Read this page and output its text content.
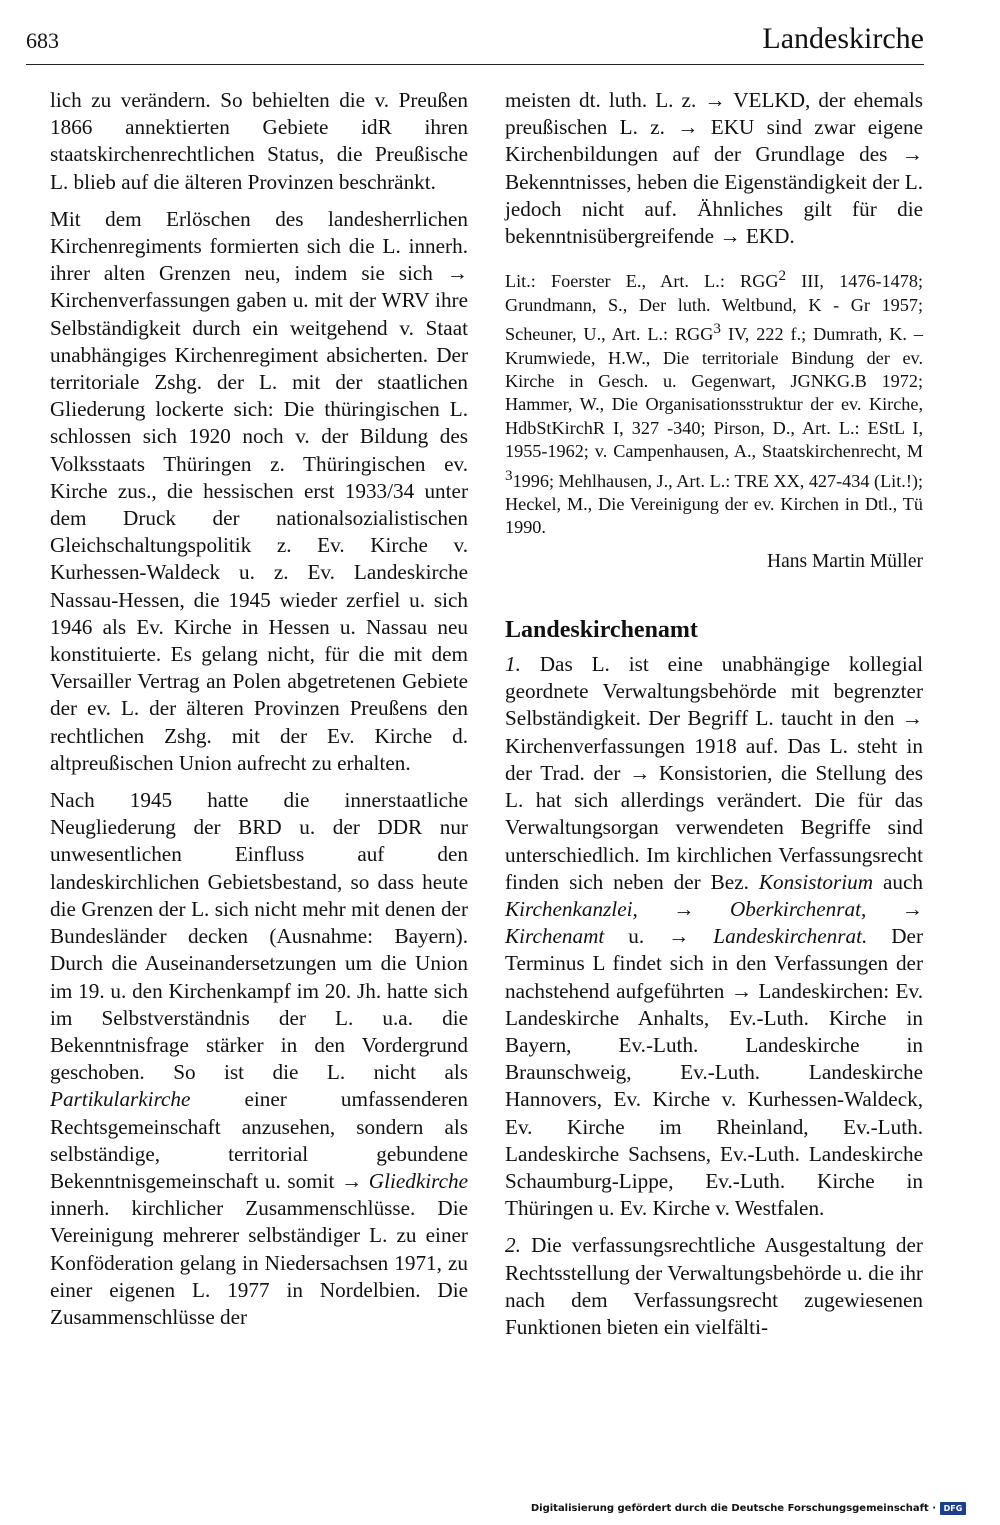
683	Landeskirche

lich zu verändern. So behielten die v. Preußen 1866 annektierten Gebiete idR ihren staatskirchenrechtlichen Status, die Preußische L. blieb auf die älteren Provinzen beschränkt.

Mit dem Erlöschen des landesherrlichen Kirchenregiments formierten sich die L. innerh. ihrer alten Grenzen neu, indem sie sich → Kirchenverfassungen gaben u. mit der WRV ihre Selbständigkeit durch ein weitgehend v. Staat unabhängiges Kirchenregiment absicherten. Der territoriale Zshg. der L. mit der staatlichen Gliederung lockerte sich: Die thüringischen L. schlossen sich 1920 noch v. der Bildung des Volksstaats Thüringen z. Thüringischen ev. Kirche zus., die hessischen erst 1933/34 unter dem Druck der nationalsozialistischen Gleichschaltungspolitik z. Ev. Kirche v. Kurhessen-Waldeck u. z. Ev. Landeskirche Nassau-Hessen, die 1945 wieder zerfiel u. sich 1946 als Ev. Kirche in Hessen u. Nassau neu konstituierte. Es gelang nicht, für die mit dem Versailler Vertrag an Polen abgetretenen Gebiete der ev. L. der älteren Provinzen Preußens den rechtlichen Zshg. mit der Ev. Kirche d. altpreußischen Union aufrecht zu erhalten.

Nach 1945 hatte die innerstaatliche Neugliederung der BRD u. der DDR nur unwesentlichen Einfluss auf den landeskirchlichen Gebietsbestand, so dass heute die Grenzen der L. sich nicht mehr mit denen der Bundesländer decken (Ausnahme: Bayern). Durch die Auseinandersetzungen um die Union im 19. u. den Kirchenkampf im 20. Jh. hatte sich im Selbstverständnis der L. u.a. die Bekenntnisfrage stärker in den Vordergrund geschoben. So ist die L. nicht als Partikularkirche	einer umfassenderen Rechtsgemeinschaft anzusehen, sondern als selbständige, territorial gebundene Bekenntnisgemeinschaft u. somit → Gliedkirche innerh. kirchlicher Zusammenschlüsse. Die Vereinigung mehrerer selbständiger L. zu einer Konföderation gelang in Niedersachsen 1971, zu einer eigenen L. 1977 in Nordelbien. Die Zusammenschlüsse der

meisten dt. luth. L. z. → VELKD, der ehemals preußischen L. z. → EKU sind zwar eigene Kirchenbildungen auf der Grundlage des → Bekenntnisses, heben die Eigenständigkeit der L. jedoch nicht auf. Ähnliches gilt für die bekenntnisübergreifende → EKD.

Lit.: Foerster E., Art. L.: RGG$^2$ III, 1476-1478; Grundmann, S., Der luth. Weltbund, K - Gr 1957; Scheuner, U., Art. L.: RGG$^3$ IV, 222 f.; Dumrath, K. – Krumwiede, H.W., Die territoriale Bindung der ev. Kirche in Gesch. u. Gegenwart, JGNKG.B 1972; Hammer, W., Die Organisationsstruktur der ev. Kirche, HdbStKirchR I, 327 -340; Pirson, D., Art. L.: EStL I, 1955-1962; v. Campenhausen, A., Staatskirchenrecht, M $^3$1996; Mehlhausen, J., Art. L.: TRE XX, 427-434 (Lit.!); Heckel, M., Die Vereinigung der ev. Kirchen in Dtl., Tü 1990.

Hans Martin Müller

Landeskirchenamt

1. Das L. ist eine unabhängige kollegial geordnete Verwaltungsbehörde mit begrenzter Selbständigkeit. Der Begriff L. taucht in den → Kirchenverfassungen 1918 auf. Das L. steht in der Trad. der → Konsistorien, die Stellung des L. hat sich allerdings verändert. Die für das Verwaltungsorgan verwendeten Begriffe sind unterschiedlich. Im kirchlichen Verfassungsrecht finden sich neben der Bez. Konsistorium auch Kirchenkanzlei, → Oberkirchenrat, → Kirchenamt u. → Landeskirchenrat. Der Terminus L findet sich in den Verfassungen der nachstehend aufgeführten → Landeskirchen: Ev. Landeskirche Anhalts, Ev.-Luth. Kirche in Bayern, Ev.-Luth. Landeskirche in Braunschweig, Ev.-Luth. Landeskirche Hannovers, Ev. Kirche v. Kurhessen-Waldeck, Ev. Kirche im Rheinland, Ev.-Luth. Landeskirche Sachsens, Ev.-Luth. Landeskirche Schaumburg-Lippe, Ev.-Luth. Kirche in Thüringen u. Ev. Kirche v. Westfalen.

2. Die verfassungsrechtliche Ausgestaltung der Rechtsstellung der Verwaltungsbehörde u. die ihr nach dem Verfassungsrecht zugewiesenen Funktionen bieten ein vielfälti-

Digitalisierung gefördert durch die Deutsche Forschungsgemeinschaft · DFG
